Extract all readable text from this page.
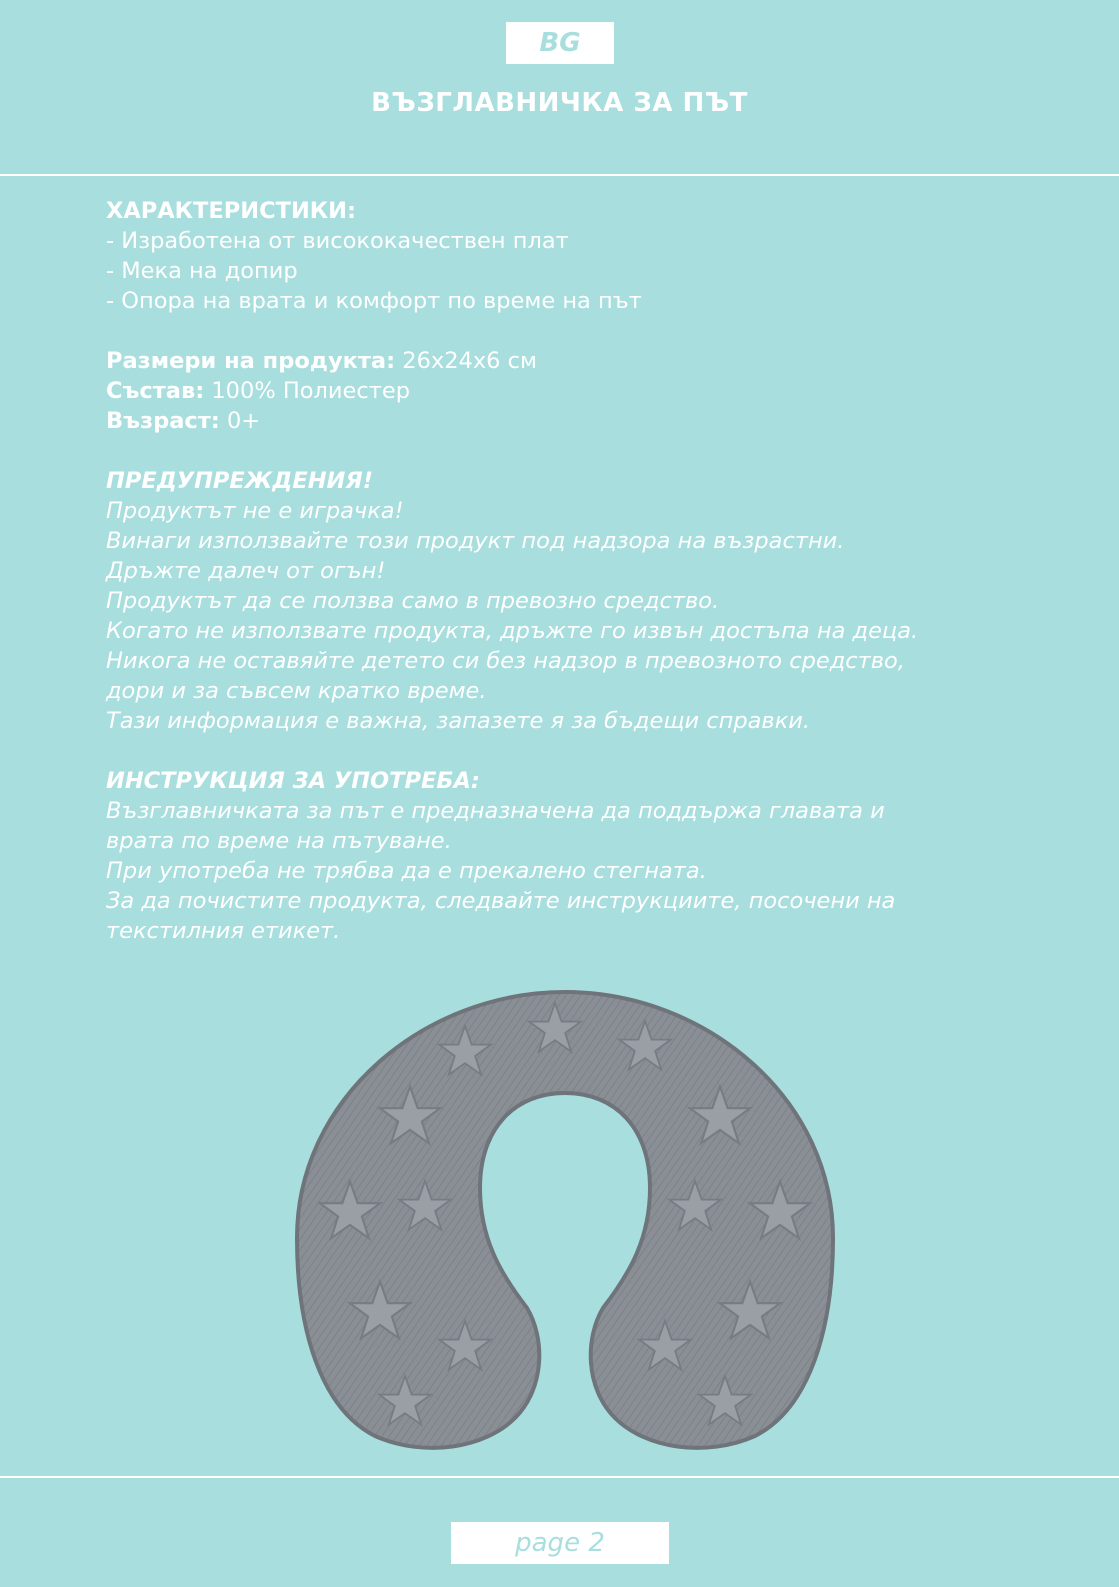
BG
ВЪЗГЛАВНИЧКА ЗА ПЪТ
ХАРАКТЕРИСТИКИ:
- Изработена от висококачествен плат
- Мека на допир
- Опора на врата и комфорт по време на път
Размери на продукта: 26x24x6 см
Състав: 100% Полиестер
Възраст: 0+
ПРЕДУПРЕЖДЕНИЯ!
Продуктът не е играчка!
Винаги използвайте този продукт под надзора на възрастни.
Дръжте далеч от огън!
Продуктът да се ползва само в превозно средство.
Когато не използвате продукта, дръжте го извън достъпа на деца.
Никога не оставяйте детето си без надзор в превозното средство,
дори и за съвсем кратко време.
Тази информация е важна, запазете я за бъдещи справки.
ИНСТРУКЦИЯ ЗА УПОТРЕБА:
Възглавничката за път е предназначена да поддържа главата и
врата по време на пътуване.
При употреба не трябва да е прекалено стегната.
За да почистите продукта, следвайте инструкциите, посочени на
текстилния етикет.
page 2
